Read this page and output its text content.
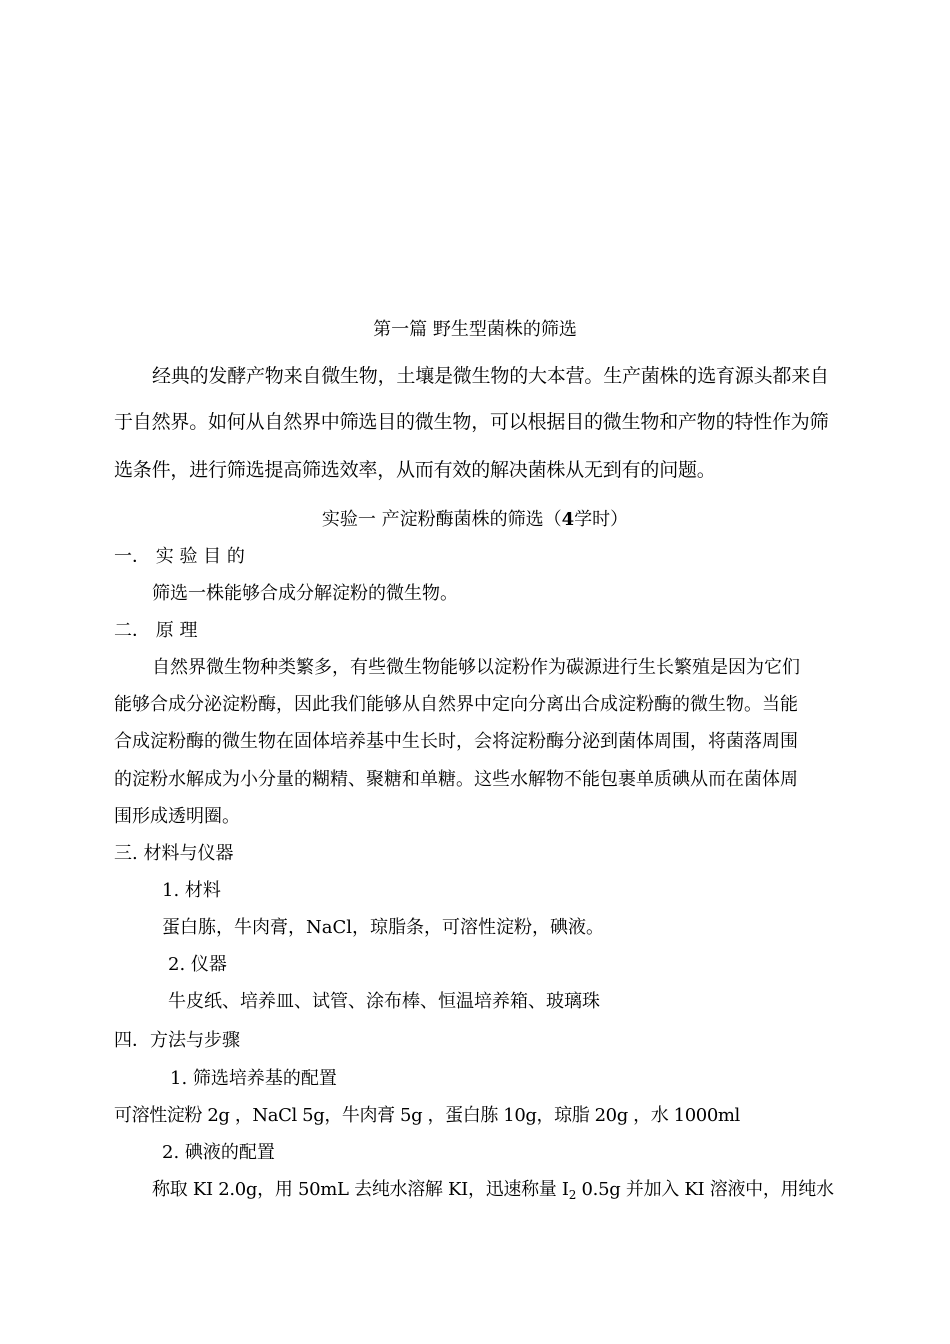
第一篇 野生型菌株的筛选
经典的发酵产物来自微生物，土壤是微生物的大本营。生产菌株的选育源头都来自
于自然界。如何从自然界中筛选目的微生物，可以根据目的微生物和产物的特性作为筛
选条件，进行筛选提高筛选效率，从而有效的解决菌株从无到有的问题。
实验一 产淀粉酶菌株的筛选（4学时）
一． 实 验 目 的
筛选一株能够合成分解淀粉的微生物。
二． 原 理
自然界微生物种类繁多，有些微生物能够以淀粉作为碳源进行生长繁殖是因为它们
能够合成分泌淀粉酶，因此我们能够从自然界中定向分离出合成淀粉酶的微生物。当能
合成淀粉酶的微生物在固体培养基中生长时，会将淀粉酶分泌到菌体周围，将菌落周围
的淀粉水解成为小分量的糊精、聚糖和单糖。这些水解物不能包裹单质碘从而在菌体周
围形成透明圈。
三. 材料与仪器
1. 材料
蛋白胨，牛肉膏，NaCl，琼脂条，可溶性淀粉，碘液。
2. 仪器
牛皮纸、培养皿、试管、涂布棒、恒温培养箱、玻璃珠
四．方法与步骤
1. 筛选培养基的配置
可溶性淀粉 2g ，NaCl 5g，牛肉膏 5g ，蛋白胨 10g，琼脂 20g ，水 1000ml
2. 碘液的配置
称取 KI 2.0g，用 50mL 去纯水溶解 KI，迅速称量 $I_2$ 0.5g 并加入 KI 溶液中，用纯水
